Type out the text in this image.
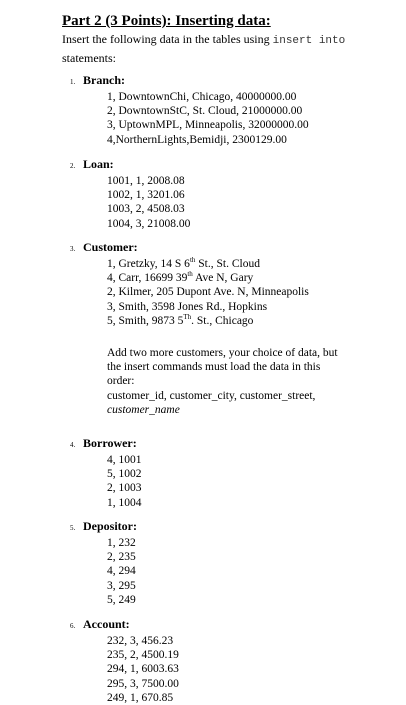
Part 2 (3 Points): Inserting data:
Insert the following data in the tables using insert into statements:
1. Branch:
1, DowntownChi, Chicago, 40000000.00
2, DowntownStC, St. Cloud, 21000000.00
3, UptownMPL, Minneapolis, 32000000.00
4,NorthernLights,Bemidji, 2300129.00
2. Loan:
1001, 1, 2008.08
1002, 1, 3201.06
1003, 2, 4508.03
1004, 3, 21008.00
3. Customer:
1, Gretzky, 14 S 6th St., St. Cloud
4, Carr, 16699 39th Ave N, Gary
2, Kilmer, 205 Dupont Ave. N, Minneapolis
3, Smith, 3598 Jones Rd., Hopkins
5, Smith, 9873 5Th. St., Chicago
Add two more customers, your choice of data, but
the insert commands must load the data in this order:
customer_id, customer_city, customer_street,
customer_name
4. Borrower:
4, 1001
5, 1002
2, 1003
1, 1004
5. Depositor:
1, 232
2, 235
4, 294
3, 295
5, 249
6. Account:
232, 3, 456.23
235, 2, 4500.19
294, 1, 6003.63
295, 3, 7500.00
249, 1, 670.85
